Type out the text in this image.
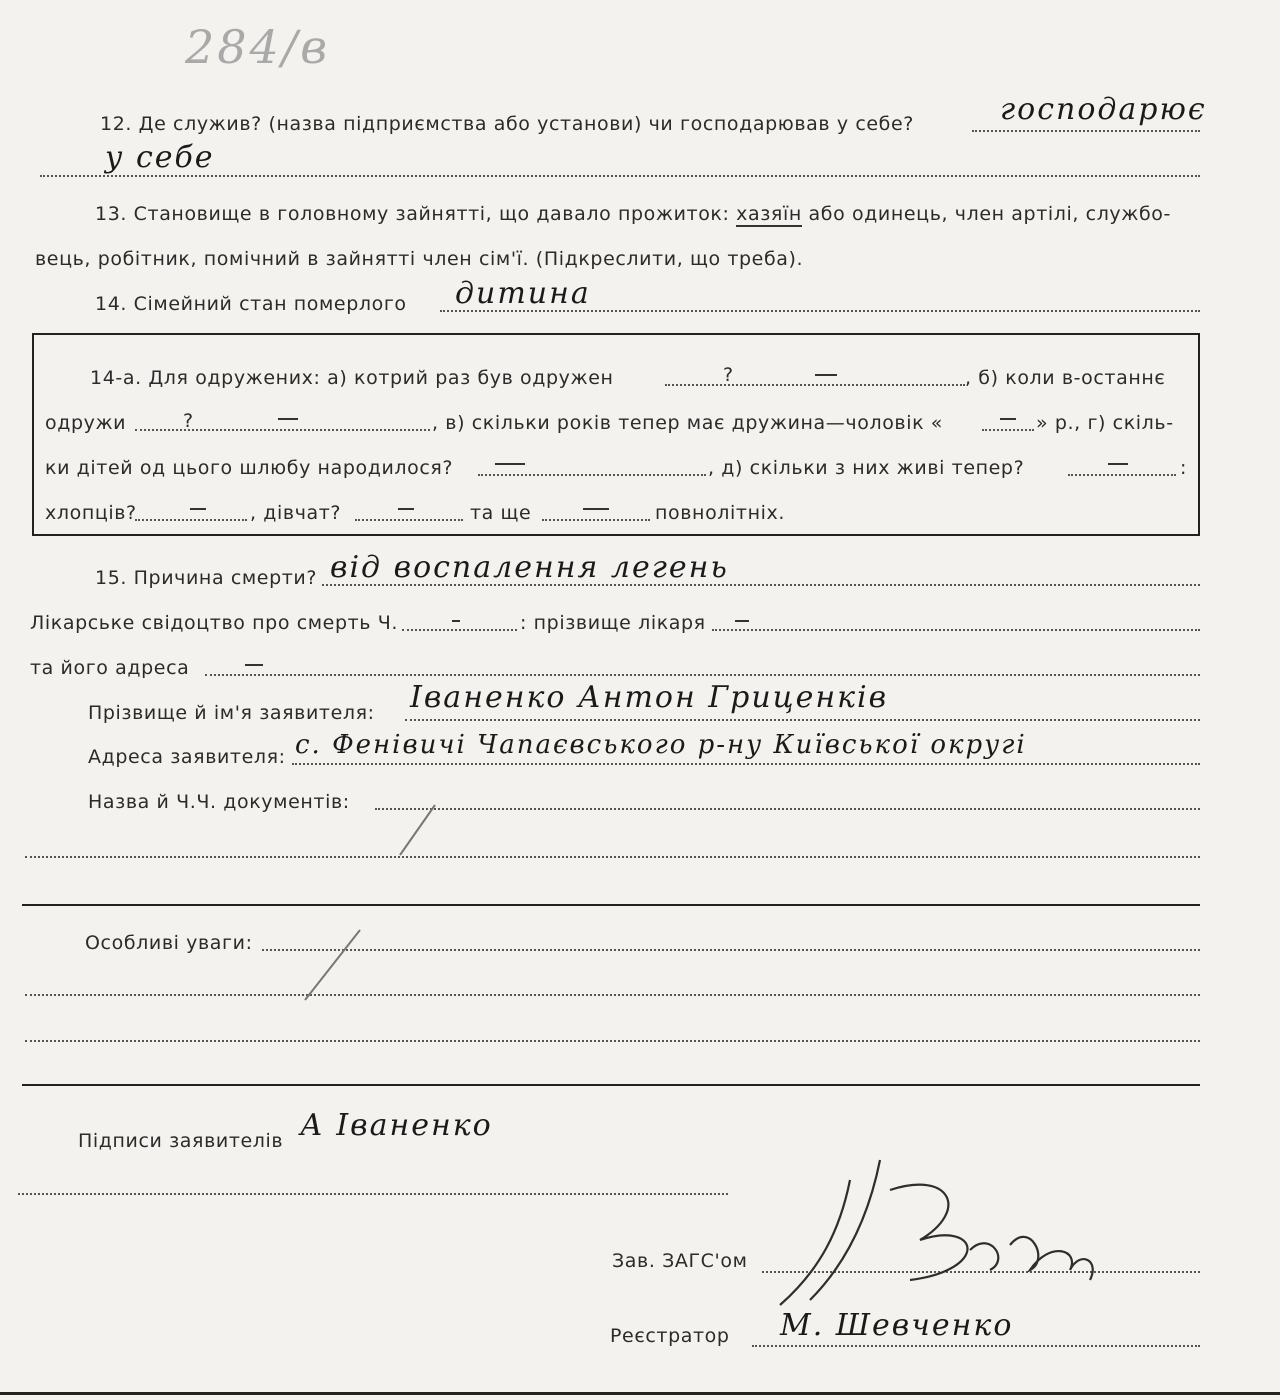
284/в
12. Де служив? (назва підприємства або установи) чи господарював у себе?	господарює
у себе
13. Становище в головному зайнятті, що давало прожиток: хазяїн або одинець, член артілі, службо-
вець, робітник, помічний в зайнятті член сім'ї. (Підкреслити, що треба).
14. Сімейний стан померлого дитина
14-а. Для одружених: а) котрий раз був одружен	?	, б) коли в-останнє
одружи	?	, в) скільки років тепер має дружина—чоловік «	» р., г) скіль-
ки дітей од цього шлюбу народилося?	, д) скільки з них живі тепер?	:
хлопців?	, дівчат?	та ще	повнолітніх.
15. Причина смерти? від воспалення легень
Лікарське свідоцтво про смерть Ч.	: прізвище лікаря
та його адреса
Прізвище й ім'я заявителя: Іваненко Антон Гриценків
Адреса заявителя: с. Фенівичі Чапаєвського р-ну Київської округі
Назва й Ч.Ч. документів:
Особливі уваги:
Підписи заявителів А Іваненко
Зав. ЗАГС'ом
Реєстратор М. Шевченко
